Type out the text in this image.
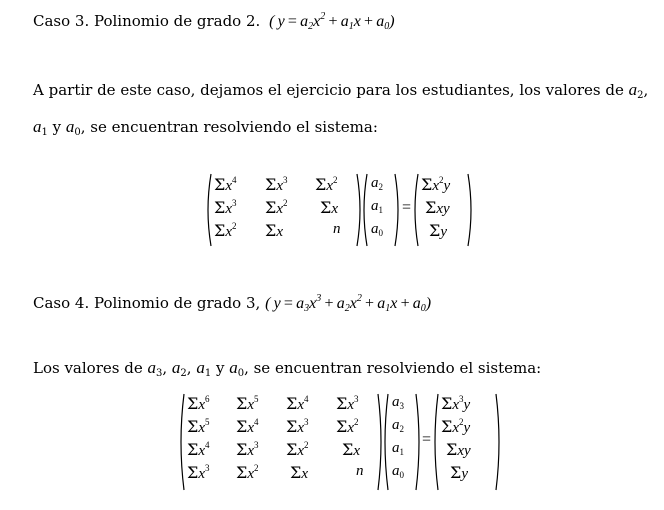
Caso 3. Polinomio de grado 2.  ( $y = a_2x^2 + a_1x + a_0$)
A partir de este caso, dejamos el ejercicio para los estudiantes, los valores de $a_2$,
$a_1$ y $a_0$, se encuentran resolviendo el sistema:
$\Sigma x^4$ $\Sigma x^3$ $\Sigma x^2$
$\Sigma x^3$ $\Sigma x^2$ Σx
$\Sigma x^2$ Σx	n
$a_2$
$a_1$
$a_0$
=
$\Sigma x^2y$
Σxy
Σy
Caso 4. Polinomio de grado 3, ( $y = a_3x^3 + a_2x^2 + a_1x + a_0$)
Los valores de $a_3$, $a_2$, $a_1$ y $a_0$, se encuentran resolviendo el sistema:
$\Sigma x^6$ $\Sigma x^5$ $\Sigma x^4$ $\Sigma x^3$
$\Sigma x^5$ $\Sigma x^4$ $\Sigma x^3$ $\Sigma x^2$
$\Sigma x^4$ $\Sigma x^3$ $\Sigma x^2$ Σx
$\Sigma x^3$ $\Sigma x^2$ Σx	n
$a_3$
$a_2$
$a_1$
$a_0$
=
$\Sigma x^3y$
$\Sigma x^2y$
Σxy
Σy
